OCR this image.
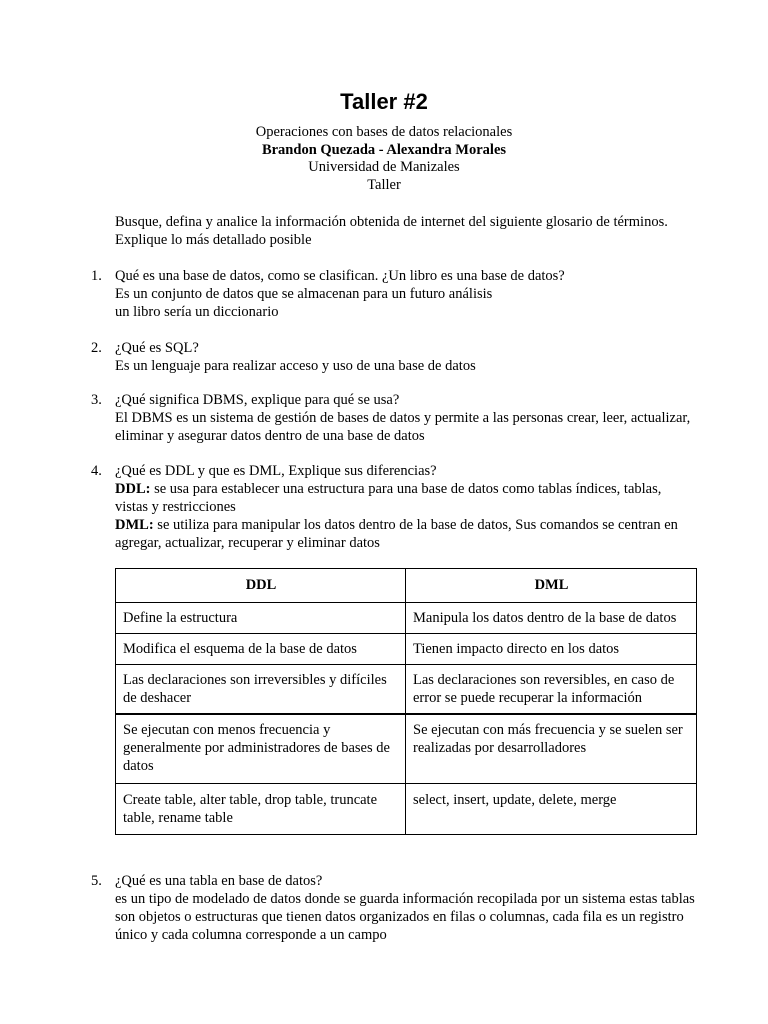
Taller #2
Operaciones con bases de datos relacionales
Brandon Quezada - Alexandra Morales
Universidad de Manizales
Taller
Busque, defina y analice la información obtenida de internet del siguiente glosario de términos.
Explique lo más detallado posible
1. Qué es una base de datos, como se clasifican. ¿Un libro es una base de datos?
Es un conjunto de datos que se almacenan para un futuro análisis
un libro sería un diccionario
2. ¿Qué es SQL?
Es un lenguaje para realizar acceso y uso de una base de datos
3. ¿Qué significa DBMS, explique para qué se usa?
El DBMS es un sistema de gestión de bases de datos y permite a las personas crear, leer, actualizar, eliminar y asegurar datos dentro de una base de datos
4. ¿Qué es DDL y que es DML, Explique sus diferencias?
DDL: se usa para establecer una estructura para una base de datos como tablas índices, tablas, vistas y restricciones
DML: se utiliza para manipular los datos dentro de la base de datos, Sus comandos se centran en agregar, actualizar, recuperar y eliminar datos
DDL	DML
Define la estructura	Manipula los datos dentro de la base de datos
Modifica el esquema de la base de datos	Tienen impacto directo en los datos
Las declaraciones son irreversibles y difíciles de deshacer	Las declaraciones son reversibles, en caso de error se puede recuperar la información
Se ejecutan con menos frecuencia y generalmente por administradores de bases de datos	Se ejecutan con más frecuencia y se suelen ser realizadas por desarrolladores
Create table, alter table, drop table, truncate table, rename table	select, insert, update, delete, merge
5. ¿Qué es una tabla en base de datos?
es un tipo de modelado de datos donde se guarda información recopilada por un sistema estas tablas son objetos o estructuras que tienen datos organizados en filas o columnas, cada fila es un registro único y cada columna corresponde a un campo
